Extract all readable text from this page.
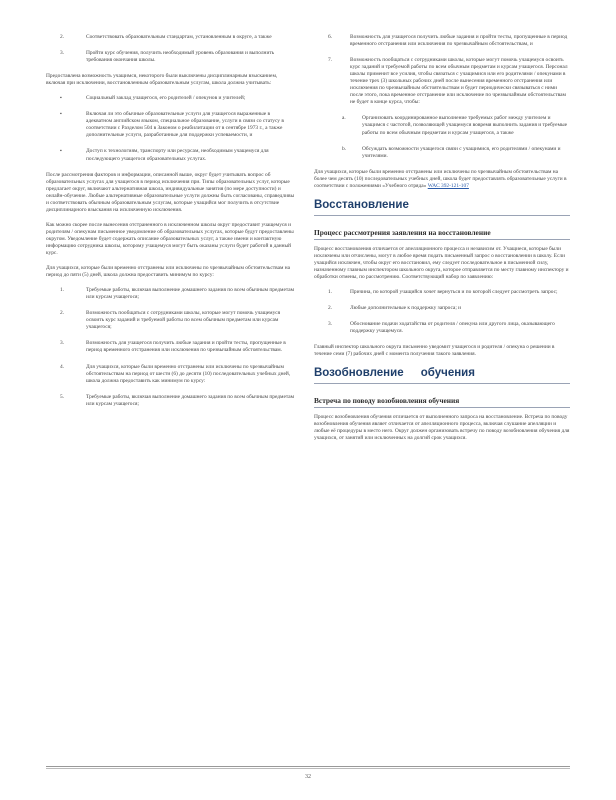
2.	Соответствовать образовательным стандартам, установленным в округе, а также
3.	Пройти курс обучения, получить необходимый уровень образования и выполнить требования окончания школы.

Предоставлена возможность учащимся, некоторого были выключены дисциплинарным взысканием, включая при исключении, восстановленным образовательным услугам, школа должна учитывать:

▪	Социальный заклад учащегося, его родителей / опекунов и учителей;
▪	Включая ли это обычные образовательные услуги для учащегося выраженные в адекватном английском языком, специальное образование, услуги в связи со статусу в соответствии с Разделом 504 в Законом о реабилитации от в сентябре 1973 г., а также дополнительные услуги, разработанные для поддержки успеваемости, и
▪	Доступ к технологиям, транспорту или ресурсам, необходимым учащемуся для последующего учащегося образовательных услугах.

После рассмотрения факторов и информации, описанной выше, округ будет учитывать вопрос об образовательных услугах для учащегося в период исключения при. Типы образовательных услуг, которые предлагает округ, включают альтернативная школа, индивидуальные занятия (по мере доступности) и онлайн-обучение. Любые альтернативные образовательные услуги должны быть согласованы, справедливы и соответствовать обычным образовательным услугам, которые учащийся мог получить в отсутствие дисциплинарного взыскания на исключенную исключения.

Как можно скорее после вынесения отстраненного в исключенном школы округ предоставит учащемуся и родителям / опекунам письменное уведомление об образовательных услугах, которые будут предоставлены округом. Уведомление будет содержать описание образовательных услуг, а также имени и контактную информацию сотрудника школы, которому учащемуся могут быть оказаны услуги будет работой в данный курс.

Для учащихся, которые были временно отстранены или исключены по чрезвычайным обстоятельствам на период до пяти (5) дней, школа должна предоставить минимум по курсу:

1.	Требуемые работы, включая выполнение домашнего задания по всем обычным предметам или курсам учащегося;
2.	Возможность пообщаться с сотрудниками школы, которые могут помочь учащемуся освоить курс заданий и требуемой работы по всем обычным предметам или курсам учащегося;
3.	Возможность для учащегося получить любые задания и пройти тесты, пропущенные в период временного отстранения или исключения по чрезвычайным обстоятельствам.
4.	Для учащихся, которые были временно отстранены или исключены по чрезвычайным обстоятельствам на период от шести (6) до десяти (10) последовательных учебных дней, школа должна предоставить как минимум по курсу:
5.	Требуемые работы, включая выполнение домашнего задания по всем обычным предметам или курсам учащегося;
6.	Возможность для учащегося получить любые задания и пройти тесты, пропущенные в период временного отстранения или исключения по чрезвычайным обстоятельствам, и
7.	Возможность пообщаться с сотрудниками школы, которые могут помочь учащемуся освоить курс заданий и требуемой работы по всем обычным предметам и курсам учащегося. Персонал школы применит все усилия, чтобы связаться с учащимися или его родителями / опекунами в течение трех (3) школьных рабочих дней после вынесения временного отстранения или исключения по чрезвычайным обстоятельствам и будет периодически связываться с ними после этого, пока временное отстранение или исключение по чрезвычайным обстоятельствам не будет в конце курса, чтобы:
a.	Организовать координированное выполнение требуемых работ между учителем и учащимся с частотой, позволяющей учащемуся вовремя выполнить задания и требуемые работы по всем обычным предметам и курсам учащегося, а также
b.	Обсуждать возможности учащегося связи с учащимися, его родителями / опекунами и учителями.

Для учащихся, которые были временно отстранены или исключены по чрезвычайным обстоятельствам на более чем десять (10) последовательных учебных дней, школа будет предоставлять образовательные услуги в соответствии с положениями «Учебного отряда» WAC 392-121-107

Восстановление
Процесс рассмотрения заявления на восстановление

Процесс восстановления отличается от апелляционного процесса и независим от. Учащиеся, которые были исключены или отчислены, могут в любое время подать письменный запрос о восстановлении в школу. Если учащийся исключен, чтобы округ его восстановил, ему следует последовательное в письменной силу, назначенному главным инспектором школьного округа, которое отправляется по месту главному инспектору и обработки отмены, по рассмотрению. Соответствующий набор по заявлению:

1.	Причина, по которой учащийся хочет вернуться и по которой следует рассмотреть запрос;
2.	Любые дополнительные к поддержку запроса; и
3.	Обоснование подачи ходатайства от родителя / опекуна или другого лица, оказывающего поддержку учащемуся.

Главный инспектор школьного округа письменно уведомит учащегося и родителя / опекуна о решении в течение семи (7) рабочих дней с момента получения такого заявления.

Возобновление обучения
Встреча по поводу возобновления обучения

Процесс возобновления обучения отличается от выполненного запроса на восстановление. Встреча по поводу возобновления обучения являет отличается от апелляционного процесса, включая слушание апелляции и любые её процедуры в место него. Округ должен организовать встречу по поводу возобновления обучения для учащихся, от занятий или исключенных на долгий срок учащихся.

32
